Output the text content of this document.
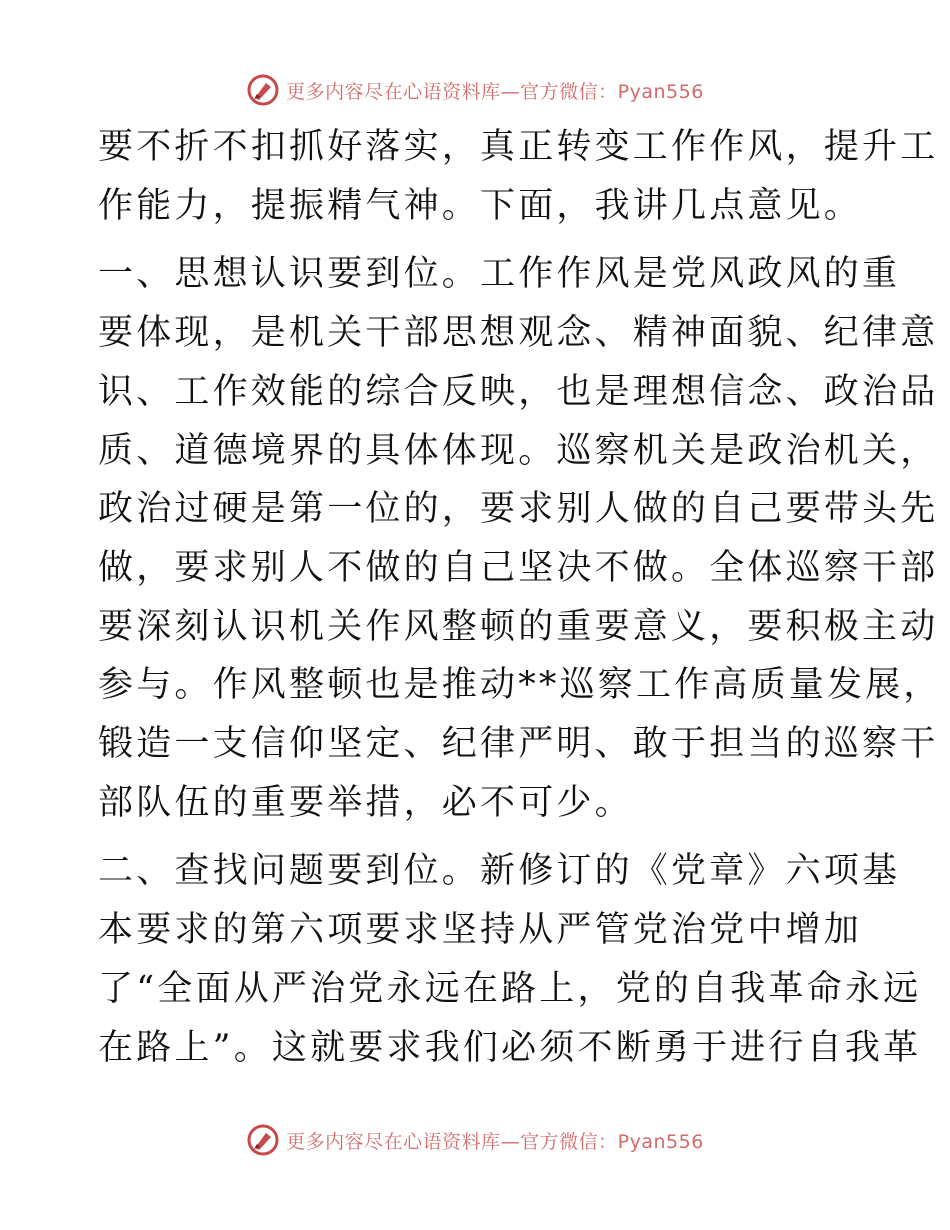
更多内容尽在心语资料库—官方微信：Pyan556
要不折不扣抓好落实，真正转变工作作风，提升工
作能力，提振精气神。下面，我讲几点意见。
一、思想认识要到位。工作作风是党风政风的重
要体现，是机关干部思想观念、精神面貌、纪律意
识、工作效能的综合反映，也是理想信念、政治品
质、道德境界的具体体现。巡察机关是政治机关，
政治过硬是第一位的，要求别人做的自己要带头先
做，要求别人不做的自己坚决不做。全体巡察干部
要深刻认识机关作风整顿的重要意义，要积极主动
参与。作风整顿也是推动**巡察工作高质量发展，
锻造一支信仰坚定、纪律严明、敢于担当的巡察干
部队伍的重要举措，必不可少。
二、查找问题要到位。新修订的《党章》六项基
本要求的第六项要求坚持从严管党治党中增加
了“全面从严治党永远在路上，党的自我革命永远
在路上”。这就要求我们必须不断勇于进行自我革
更多内容尽在心语资料库—官方微信：Pyan556
